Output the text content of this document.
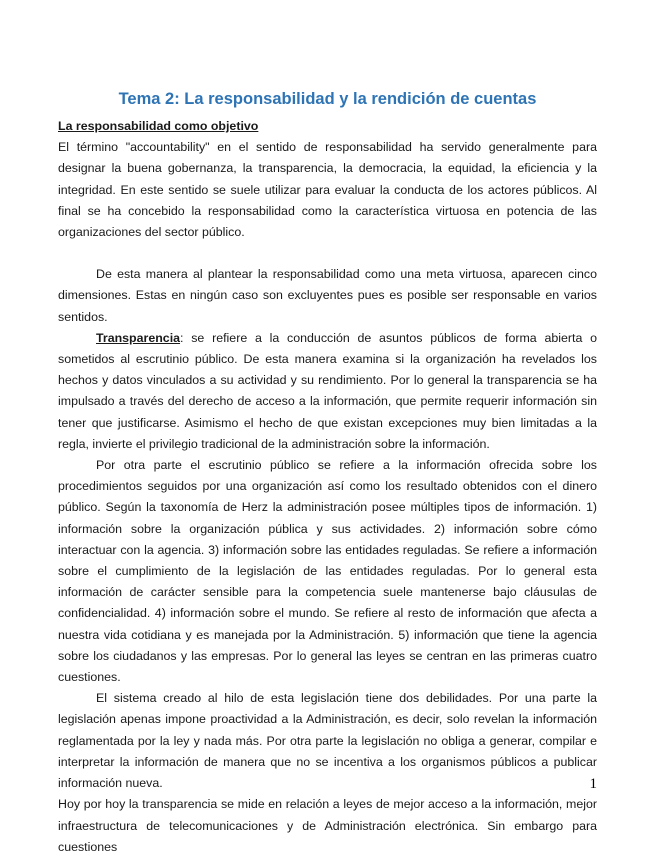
Tema 2: La responsabilidad y la rendición de cuentas

La responsabilidad como objetivo

El término "accountability" en el sentido de responsabilidad ha servido generalmente para designar la buena gobernanza, la transparencia, la democracia, la equidad, la eficiencia y la integridad. En este sentido se suele utilizar para evaluar la conducta de los actores públicos. Al final se ha concebido la responsabilidad como la característica virtuosa en potencia de las organizaciones del sector público.

De esta manera al plantear la responsabilidad como una meta virtuosa, aparecen cinco dimensiones. Estas en ningún caso son excluyentes pues es posible ser responsable en varios sentidos.

Transparencia: se refiere a la conducción de asuntos públicos de forma abierta o sometidos al escrutinio público. De esta manera examina si la organización ha revelados los hechos y datos vinculados a su actividad y su rendimiento. Por lo general la transparencia se ha impulsado a través del derecho de acceso a la información, que permite requerir información sin tener que justificarse. Asimismo el hecho de que existan excepciones muy bien limitadas a la regla, invierte el privilegio tradicional de la administración sobre la información.

Por otra parte el escrutinio público se refiere a la información ofrecida sobre los procedimientos seguidos por una organización así como los resultado obtenidos con el dinero público. Según la taxonomía de Herz la administración posee múltiples tipos de información. 1) información sobre la organización pública y sus actividades. 2) información sobre cómo interactuar con la agencia. 3) información sobre las entidades reguladas. Se refiere a información sobre el cumplimiento de la legislación de las entidades reguladas. Por lo general esta información de carácter sensible para la competencia suele mantenerse bajo cláusulas de confidencialidad. 4) información sobre el mundo. Se refiere al resto de información que afecta a nuestra vida cotidiana y es manejada por la Administración. 5) información que tiene la agencia sobre los ciudadanos y las empresas. Por lo general las leyes se centran en las primeras cuatro cuestiones.

El sistema creado al hilo de esta legislación tiene dos debilidades. Por una parte la legislación apenas impone proactividad a la Administración, es decir, solo revelan la información reglamentada por la ley y nada más. Por otra parte la legislación no obliga a generar, compilar e interpretar la información de manera que no se incentiva a los organismos públicos a publicar información nueva.

Hoy por hoy la transparencia se mide en relación a leyes de mejor acceso a la información, mejor infraestructura de telecomunicaciones y de Administración electrónica. Sin embargo para cuestiones

1
